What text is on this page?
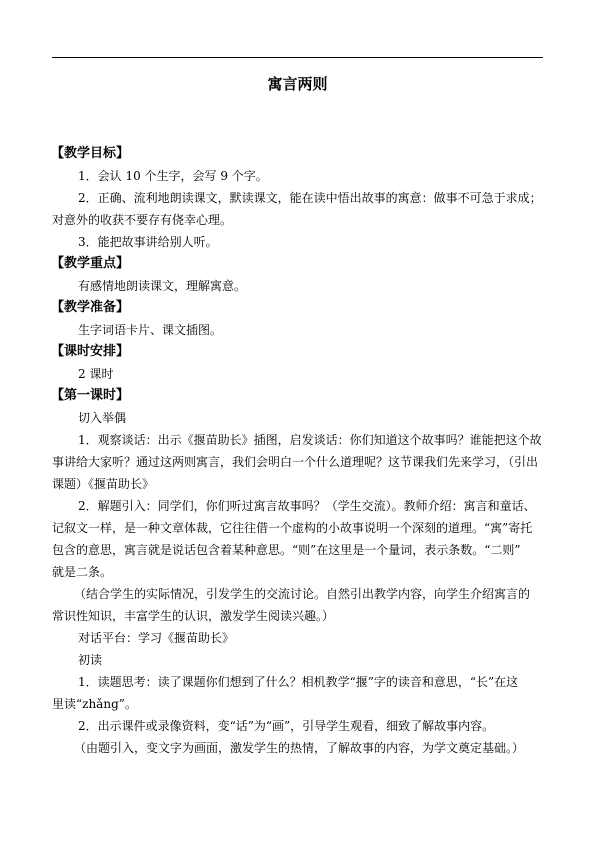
寓言两则
【教学目标】
1．会认 10 个生字，会写 9 个字。
2．正确、流利地朗读课文，默读课文，能在读中悟出故事的寓意：做事不可急于求成；
对意外的收获不要存有侥幸心理。
3．能把故事讲给别人听。
【教学重点】
有感情地朗读课文，理解寓意。
【教学准备】
生字词语卡片、课文插图。
【课时安排】
2 课时
【第一课时】
切入举偶
1．观察谈话：出示《揠苗助长》插图，启发谈话：你们知道这个故事吗？谁能把这个故
事讲给大家听？通过这两则寓言，我们会明白一个什么道理呢？这节课我们先来学习，（引出
课题）《揠苗助长》
2．解题引入：同学们，你们听过寓言故事吗？（学生交流）。教师介绍：寓言和童话、
记叙文一样，是一种文章体裁，它往往借一个虚构的小故事说明一个深刻的道理。“寓”寄托
包含的意思，寓言就是说话包含着某种意思。“则”在这里是一个量词，表示条数。“二则”
就是二条。
（结合学生的实际情况，引发学生的交流讨论。自然引出教学内容，向学生介绍寓言的
常识性知识，丰富学生的认识，激发学生阅读兴趣。）
对话平台：学习《揠苗助长》
初读
1．读题思考：读了课题你们想到了什么？相机教学“揠”字的读音和意思，“长”在这
里读“zhǎng”。
2．出示课件或录像资料，变“话”为“画”，引导学生观看，细致了解故事内容。
（由题引入，变文字为画面，激发学生的热情，了解故事的内容，为学文奠定基础。）
